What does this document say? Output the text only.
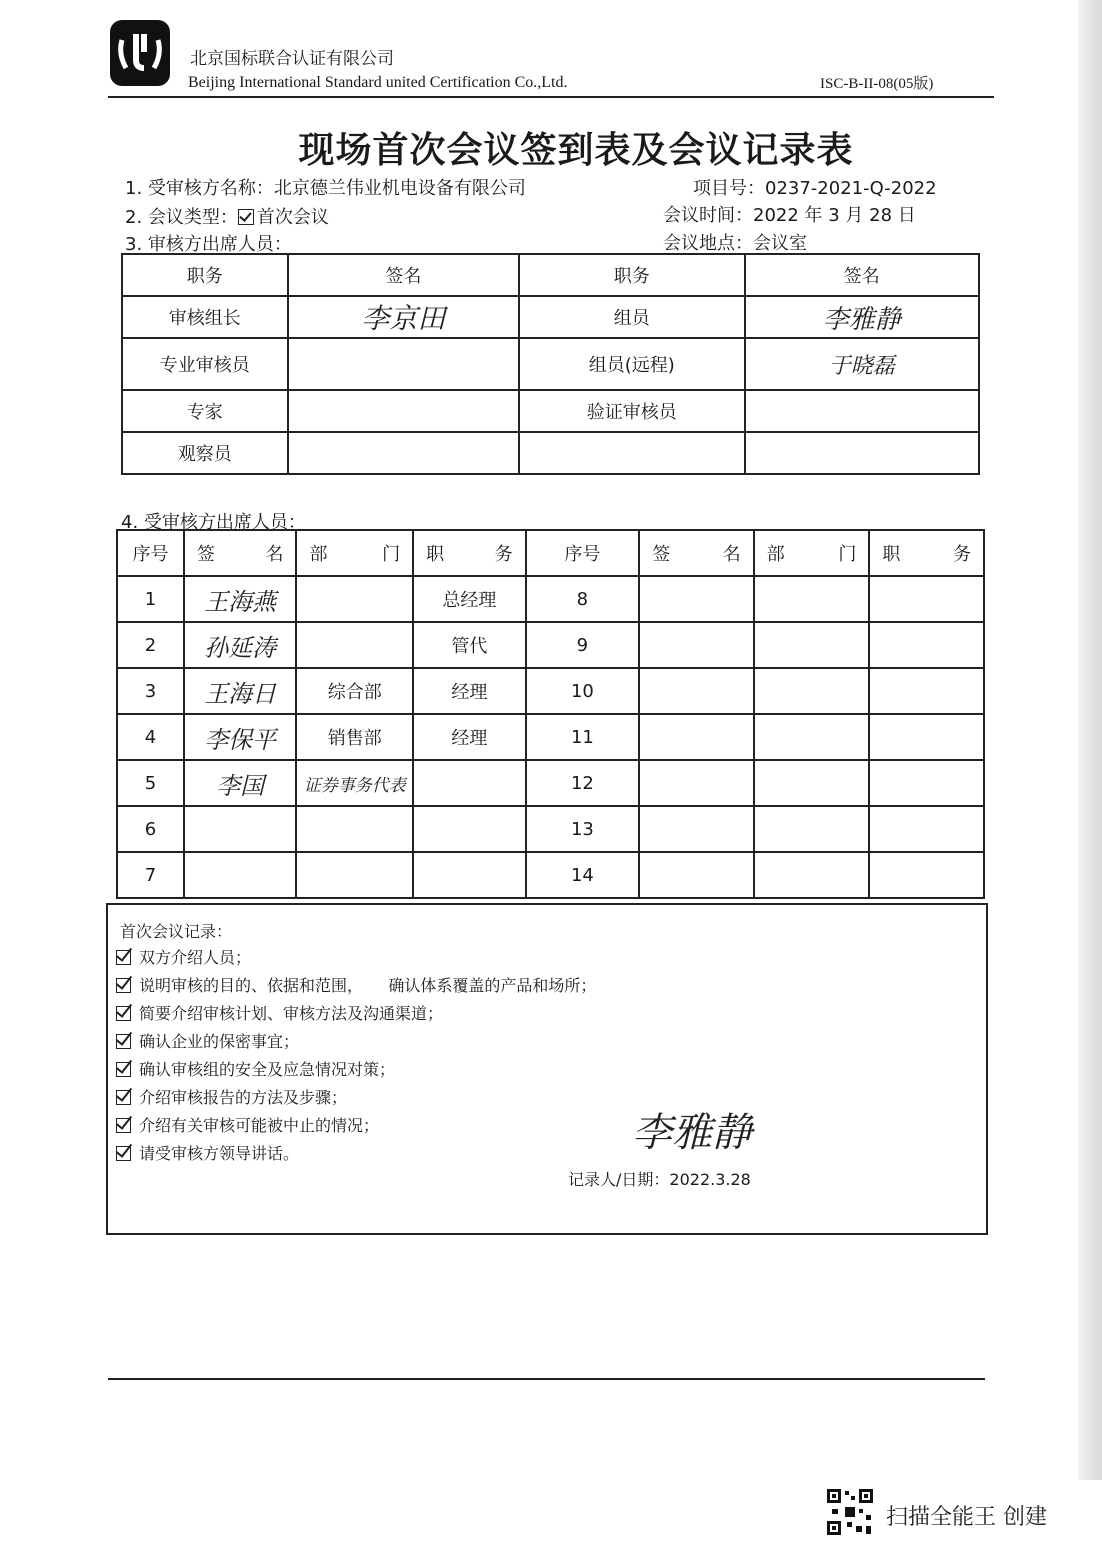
北京国标联合认证有限公司
Beijing International Standard united Certification Co.,Ltd.	ISC-B-II-08(05版)
现场首次会议签到表及会议记录表
1. 受审核方名称：北京德兰伟业机电设备有限公司	项目号：0237-2021-Q-2022
2. 会议类型： 首次会议	会议时间：2022 年 3 月 28 日
3. 审核方出席人员：	会议地点：会议室
职务	签名	职务	签名
审核组长	李京田	组员	李雅静
专业审核员		组员(远程)	于晓磊
专家		验证审核员	
观察员			
4. 受审核方出席人员：
序号	签 名	部 门	职 务	序号	签 名	部 门	职 务

1	王海燕		总经理	8			
2	孙延涛		管代	9			
3	王海日	综合部	经理	10			
4	李保平	销售部	经理	11			
5	李国	证券事务代表		12			
6				13			
7				14			
首次会议记录：
双方介绍人员；
说明审核的目的、依据和范围，     确认体系覆盖的产品和场所；
简要介绍审核计划、审核方法及沟通渠道；
确认企业的保密事宜；
确认审核组的安全及应急情况对策；
介绍审核报告的方法及步骤；
介绍有关审核可能被中止的情况；
请受审核方领导讲话。	李雅静
记录人/日期：2022.3.28
扫描全能王 创建
